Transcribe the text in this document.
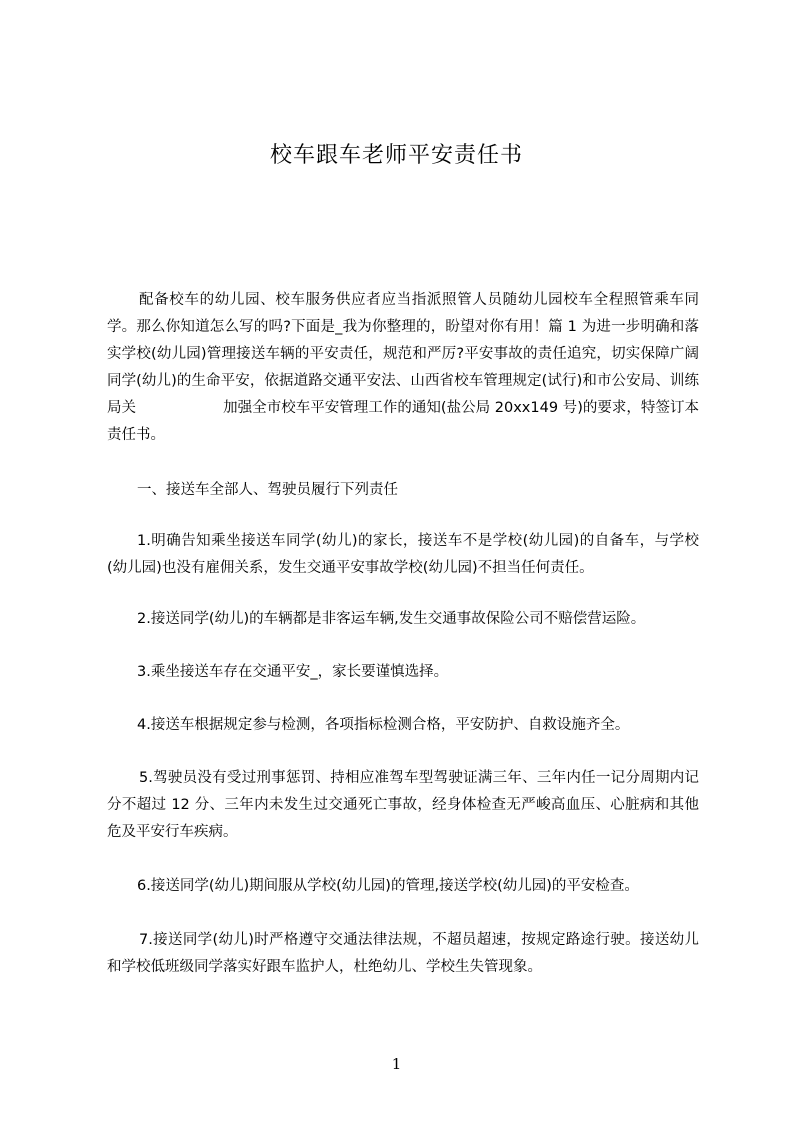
校车跟车老师平安责任书

配备校车的幼儿园、校车服务供应者应当指派照管人员随幼儿园校车全程照管乘车同学。那么你知道怎么写的吗?下面是_我为你整理的，盼望对你有用！篇 1 为进一步明确和落实学校(幼儿园)管理接送车辆的平安责任，规范和严厉?平安事故的责任追究，切实保障广阔同学(幼儿)的生命平安，依据道路交通平安法、山西省校车管理规定(试行)和市公安局、训练局关　　　　　　加强全市校车平安管理工作的通知(盐公局 20xx149 号)的要求，特签订本责任书。

一、接送车全部人、驾驶员履行下列责任

1.明确告知乘坐接送车同学(幼儿)的家长，接送车不是学校(幼儿园)的自备车，与学校(幼儿园)也没有雇佣关系，发生交通平安事故学校(幼儿园)不担当任何责任。

2.接送同学(幼儿)的车辆都是非客运车辆,发生交通事故保险公司不赔偿营运险。

3.乘坐接送车存在交通平安_，家长要谨慎选择。

4.接送车根据规定参与检测，各项指标检测合格，平安防护、自救设施齐全。

5.驾驶员没有受过刑事惩罚、持相应准驾车型驾驶证满三年、三年内任一记分周期内记分不超过 12 分、三年内未发生过交通死亡事故，经身体检查无严峻高血压、心脏病和其他危及平安行车疾病。

6.接送同学(幼儿)期间服从学校(幼儿园)的管理,接送学校(幼儿园)的平安检查。

7.接送同学(幼儿)时严格遵守交通法律法规，不超员超速，按规定路途行驶。接送幼儿和学校低班级同学落实好跟车监护人，杜绝幼儿、学校生失管现象。

1
